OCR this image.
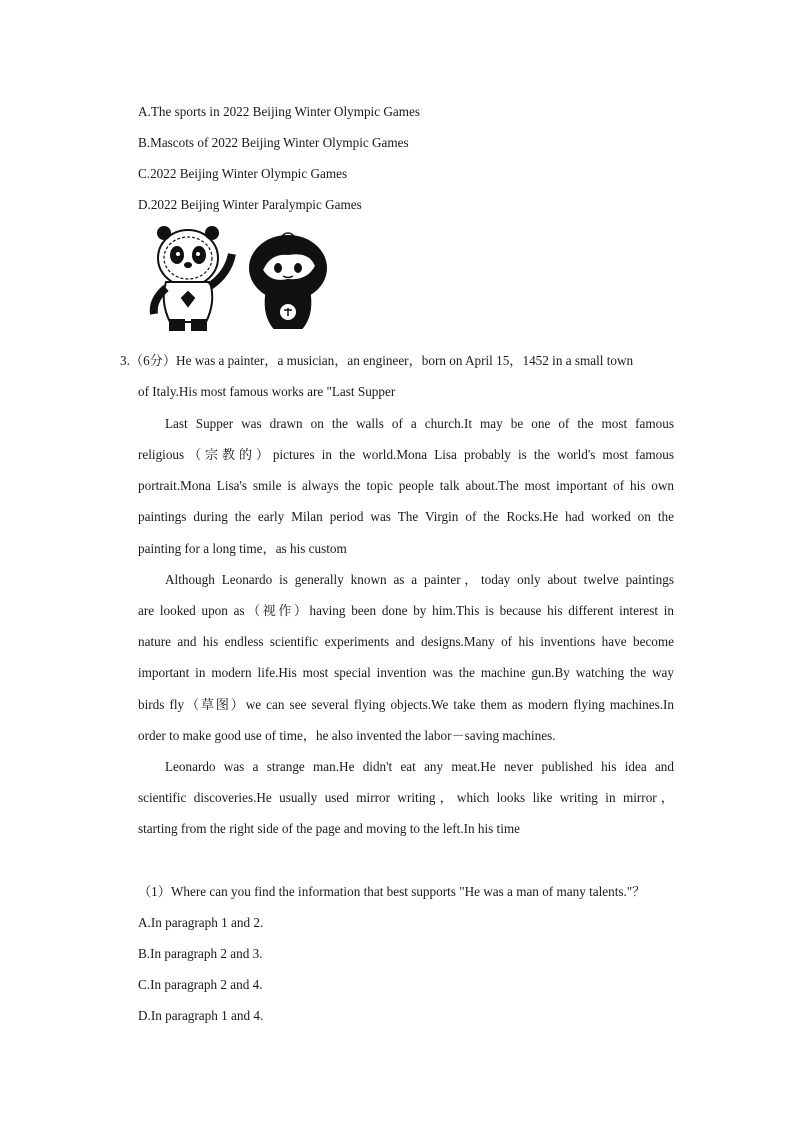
A.The sports in 2022 Beijing Winter Olympic Games
B.Mascots of 2022 Beijing Winter Olympic Games
C.2022 Beijing Winter Olympic Games
D.2022 Beijing Winter Paralympic Games
3.（6分）He was a painter，a musician，an engineer，born on April 15，1452 in a small town
of Italy.His most famous works are "Last Supper
Last Supper was drawn on the walls of a church.It may be one of the most famous
religious（宗教的）pictures in the world.Mona Lisa probably is the world's most famous
portrait.Mona Lisa's smile is always the topic people talk about.The most important of his own
paintings during the early Milan period was The Virgin of the Rocks.He had worked on the
painting for a long time，as his custom
Although Leonardo is generally known as a painter，today only about twelve paintings
are looked upon as（视作）having been done by him.This is because his different interest in
nature and his endless scientific experiments and designs.Many of his inventions have become
important in modern life.His most special invention was the machine gun.By watching the way
birds fly（草图）we can see several flying objects.We take them as modern flying machines.In
order to make good use of time，he also invented the labor－saving machines.
Leonardo was a strange man.He didn't eat any meat.He never published his idea and
scientific discoveries.He usually used mirror writing，which looks like writing in mirror，
starting from the right side of the page and moving to the left.In his time
（1）Where can you find the information that best supports "He was a man of many talents."？
A.In paragraph 1 and 2.
B.In paragraph 2 and 3.
C.In paragraph 2 and 4.
D.In paragraph 1 and 4.
